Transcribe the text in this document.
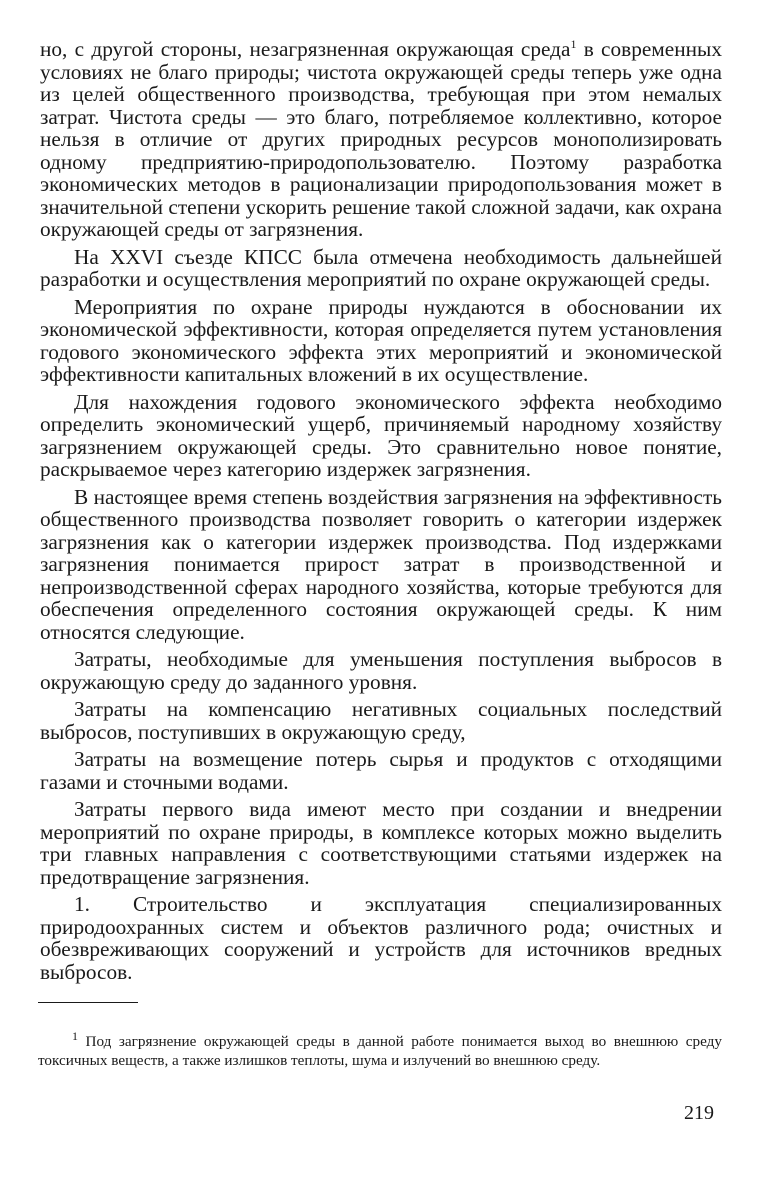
но, с другой стороны, незагрязненная окружающая среда$^1$ в современных условиях не благо природы; чистота окружающей среды теперь уже одна из целей общественного производства, требующая при этом немалых затрат. Чистота среды — это благо, потребляемое коллективно, которое нельзя в отличие от других природных ресурсов монополизировать одному предприятию-природопользователю. Поэтому разработка экономических методов в рационализации природопользования может в значительной степени ускорить решение такой сложной задачи, как охрана окружающей среды от загрязнения.

На XXVI съезде КПСС была отмечена необходимость дальнейшей разработки и осуществления мероприятий по охране окружающей среды.

Мероприятия по охране природы нуждаются в обосновании их экономической эффективности, которая определяется путем установления годового экономического эффекта этих мероприятий и экономической эффективности капитальных вложений в их осуществление.

Для нахождения годового экономического эффекта необходимо определить экономический ущерб, причиняемый народному хозяйству загрязнением окружающей среды. Это сравнительно новое понятие, раскрываемое через категорию издержек загрязнения.

В настоящее время степень воздействия загрязнения на эффективность общественного производства позволяет говорить о категории издержек загрязнения как о категории издержек производства. Под издержками загрязнения понимается прирост затрат в производственной и непроизводственной сферах народного хозяйства, которые требуются для обеспечения определенного состояния окружающей среды. К ним относятся следующие.

Затраты, необходимые для уменьшения поступления выбросов в окружающую среду до заданного уровня.

Затраты на компенсацию негативных социальных последствий выбросов, поступивших в окружающую среду,

Затраты на возмещение потерь сырья и продуктов с отходящими газами и сточными водами.

Затраты первого вида имеют место при создании и внедрении мероприятий по охране природы, в комплексе которых можно выделить три главных направления с соответствующими статьями издержек на предотвращение загрязнения.

1. Строительство и эксплуатация специализированных природоохранных систем и объектов различного рода; очистных и обезвреживающих сооружений и устройств для источников вредных выбросов.

$^1$ Под загрязнение окружающей среды в данной работе понимается выход во внешнюю среду токсичных веществ, а также излишков теплоты, шума и излучений во внешнюю среду.

219
